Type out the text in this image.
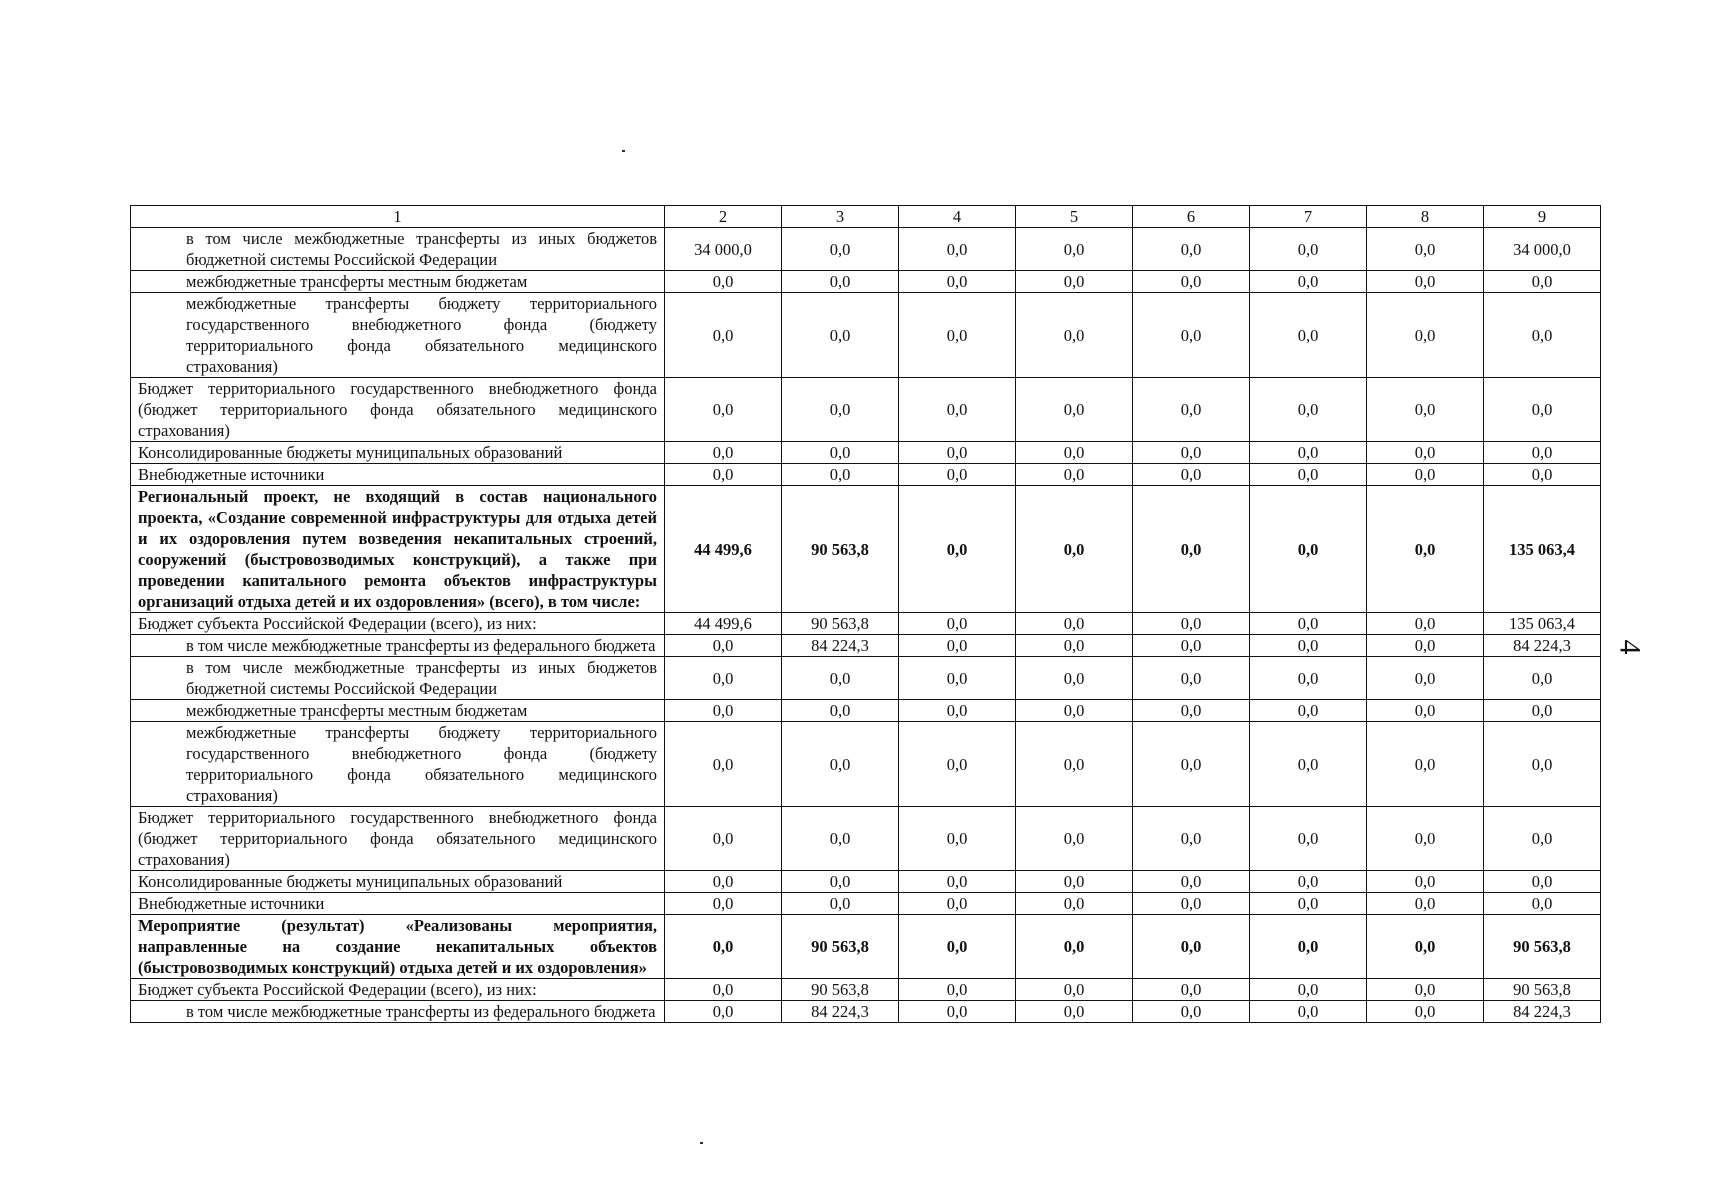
1	2	3	4	5	6	7	8	9
в том числе межбюджетные трансферты из иных бюджетов бюджетной системы Российской Федерации	34 000,0	0,0	0,0	0,0	0,0	0,0	0,0	34 000,0
межбюджетные трансферты местным бюджетам	0,0	0,0	0,0	0,0	0,0	0,0	0,0	0,0
межбюджетные трансферты бюджету территориального государственного внебюджетного фонда (бюджету территориального фонда обязательного медицинского страхования)	0,0	0,0	0,0	0,0	0,0	0,0	0,0	0,0
Бюджет территориального государственного внебюджетного фонда (бюджет территориального фонда обязательного медицинского страхования)	0,0	0,0	0,0	0,0	0,0	0,0	0,0	0,0
Консолидированные бюджеты муниципальных образований	0,0	0,0	0,0	0,0	0,0	0,0	0,0	0,0
Внебюджетные источники	0,0	0,0	0,0	0,0	0,0	0,0	0,0	0,0
Региональный проект, не входящий в состав национального проекта, «Создание современной инфраструктуры для отдыха детей и их оздоровления путем возведения некапитальных строений, сооружений (быстровозводимых конструкций), а также при проведении капитального ремонта объектов инфраструктуры организаций отдыха детей и их оздоровления» (всего), в том числе:	44 499,6	90 563,8	0,0	0,0	0,0	0,0	0,0	135 063,4
Бюджет субъекта Российской Федерации (всего), из них:	44 499,6	90 563,8	0,0	0,0	0,0	0,0	0,0	135 063,4
в том числе межбюджетные трансферты из федерального бюджета	0,0	84 224,3	0,0	0,0	0,0	0,0	0,0	84 224,3
в том числе межбюджетные трансферты из иных бюджетов бюджетной системы Российской Федерации	0,0	0,0	0,0	0,0	0,0	0,0	0,0	0,0
межбюджетные трансферты местным бюджетам	0,0	0,0	0,0	0,0	0,0	0,0	0,0	0,0
межбюджетные трансферты бюджету территориального государственного внебюджетного фонда (бюджету территориального фонда обязательного медицинского страхования)	0,0	0,0	0,0	0,0	0,0	0,0	0,0	0,0
Бюджет территориального государственного внебюджетного фонда (бюджет территориального фонда обязательного медицинского страхования)	0,0	0,0	0,0	0,0	0,0	0,0	0,0	0,0
Консолидированные бюджеты муниципальных образований	0,0	0,0	0,0	0,0	0,0	0,0	0,0	0,0
Внебюджетные источники	0,0	0,0	0,0	0,0	0,0	0,0	0,0	0,0
Мероприятие (результат) «Реализованы мероприятия, направленные на создание некапитальных объектов (быстровозводимых конструкций) отдыха детей и их оздоровления»	0,0	90 563,8	0,0	0,0	0,0	0,0	0,0	90 563,8
Бюджет субъекта Российской Федерации (всего), из них:	0,0	90 563,8	0,0	0,0	0,0	0,0	0,0	90 563,8
в том числе межбюджетные трансферты из федерального бюджета	0,0	84 224,3	0,0	0,0	0,0	0,0	0,0	84 224,3
4
